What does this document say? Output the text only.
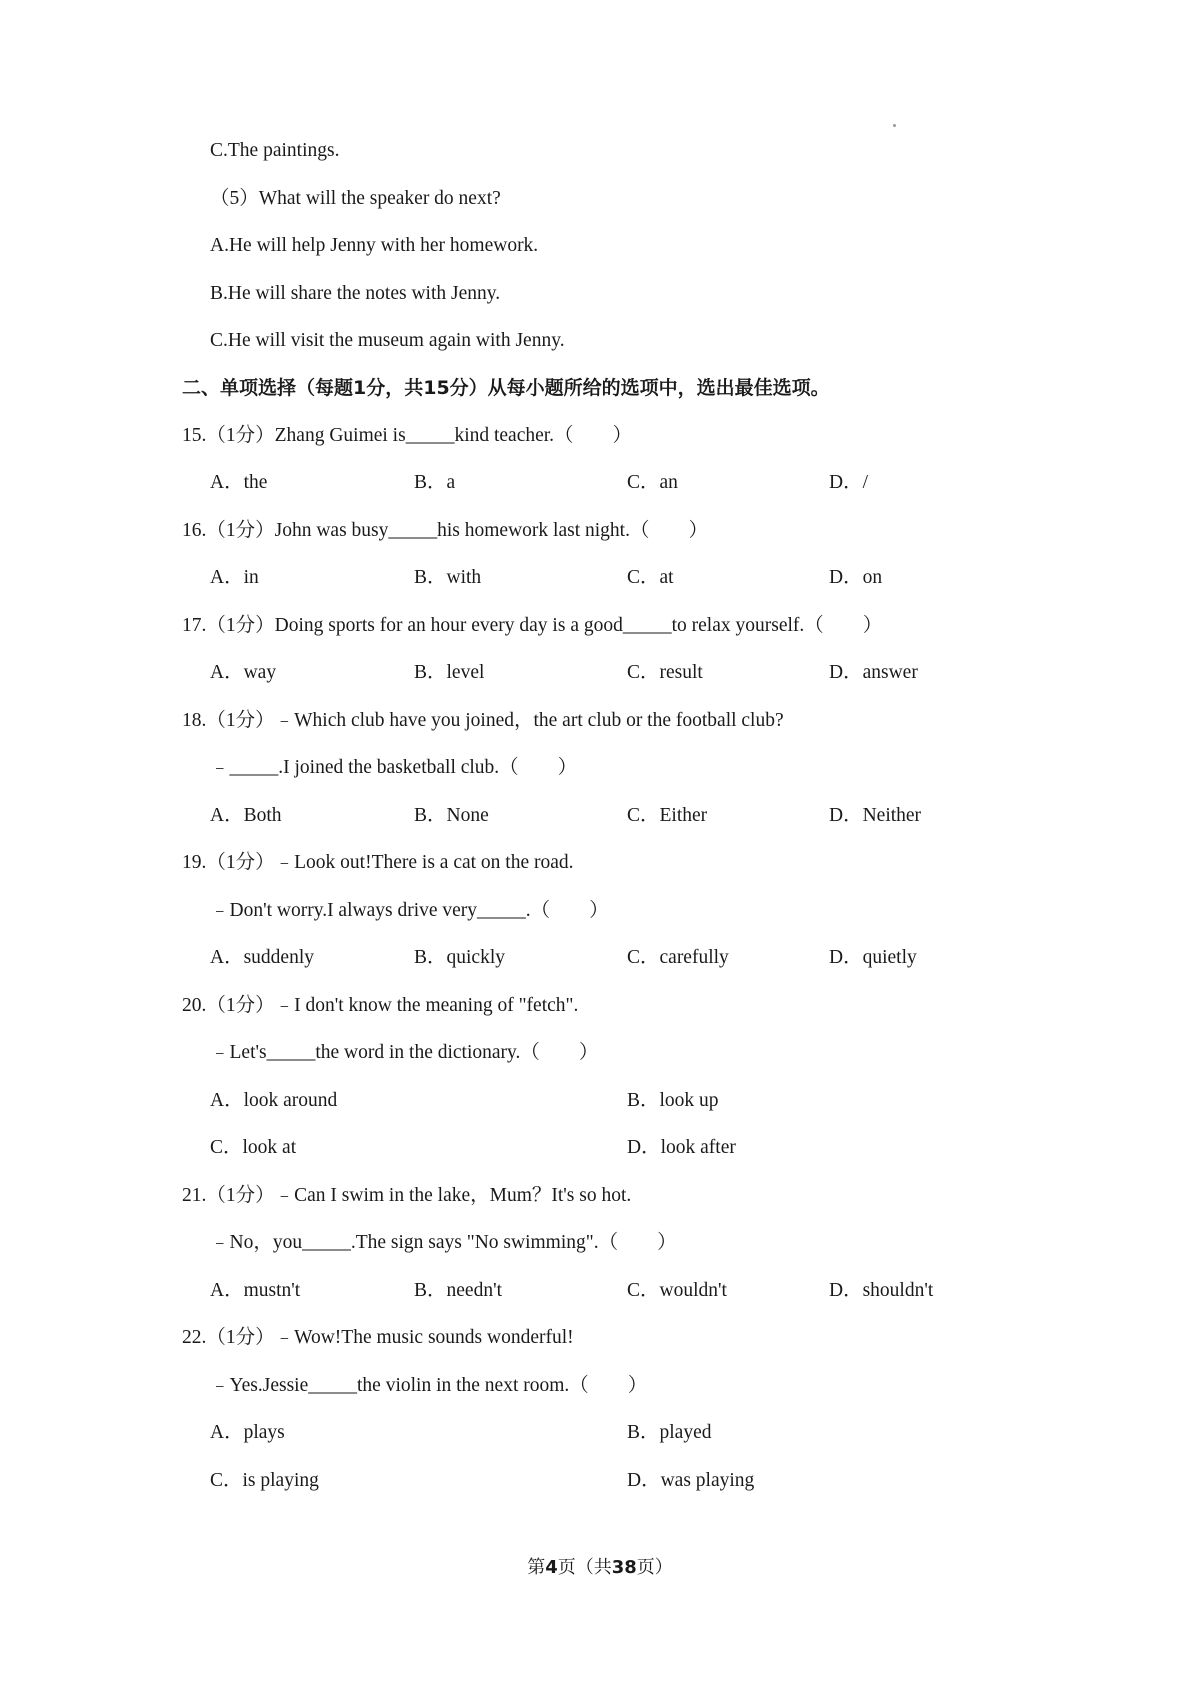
C.The paintings.
（5）What will the speaker do next?
A.He will help Jenny with her homework.
B.He will share the notes with Jenny.
C.He will visit the museum again with Jenny.
二、单项选择（每题1分，共15分）从每小题所给的选项中，选出最佳选项。
15.（1分）Zhang Guimei is_____kind teacher.（　　）
A．the	B．a	C．an	D．/
16.（1分）John was busy_____his homework last night.（　　）
A．in	B．with	C．at	D．on
17.（1分）Doing sports for an hour every day is a good_____to relax yourself.（　　）
A．way	B．level	C．result	D．answer
18.（1分）﹣Which club have you joined，the art club or the football club?
﹣_____.I joined the basketball club.（　　）
A．Both	B．None	C．Either	D．Neither
19.（1分）﹣Look out!There is a cat on the road.
﹣Don't worry.I always drive very_____.（　　）
A．suddenly	B．quickly	C．carefully	D．quietly
20.（1分）﹣I don't know the meaning of "fetch".
﹣Let's_____the word in the dictionary.（　　）
A．look around	B．look up
C．look at	D．look after
21.（1分）﹣Can I swim in the lake，Mum？It's so hot.
﹣No，you_____.The sign says "No swimming".（　　）
A．mustn't	B．needn't	C．wouldn't	D．shouldn't
22.（1分）﹣Wow!The music sounds wonderful!
﹣Yes.Jessie_____the violin in the next room.（　　）
A．plays	B．played
C．is playing	D．was playing
第4页（共38页）
